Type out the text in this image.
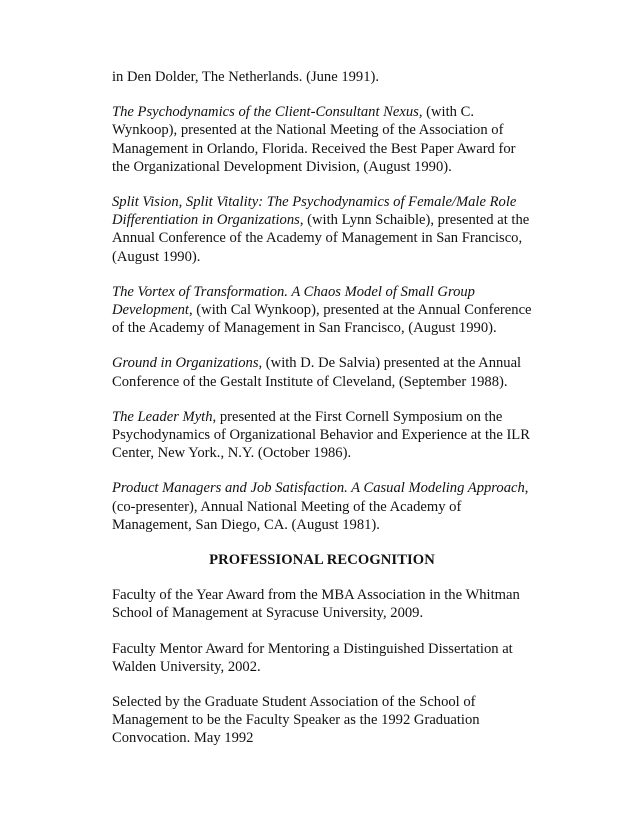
in Den Dolder, The Netherlands. (June 1991).

The Psychodynamics of the Client-Consultant Nexus, (with C. Wynkoop), presented at the National Meeting of the Association of Management in Orlando, Florida. Received the Best Paper Award for the Organizational Development Division, (August 1990).

Split Vision, Split Vitality: The Psychodynamics of Female/Male Role Differentiation in Organizations, (with Lynn Schaible), presented at the Annual Conference of the Academy of Management in San Francisco, (August 1990).

The Vortex of Transformation. A Chaos Model of Small Group Development, (with Cal Wynkoop), presented at the Annual Conference of the Academy of Management in San Francisco, (August 1990).

Ground in Organizations, (with D. De Salvia) presented at the Annual Conference of the Gestalt Institute of Cleveland, (September 1988).

The Leader Myth, presented at the First Cornell Symposium on the Psychodynamics of Organizational Behavior and Experience at the ILR Center, New York., N.Y. (October 1986).

Product Managers and Job Satisfaction. A Casual Modeling Approach, (co-presenter), Annual National Meeting of the Academy of Management, San Diego, CA. (August 1981).

PROFESSIONAL RECOGNITION

Faculty of the Year Award from the MBA Association in the Whitman School of Management at Syracuse University, 2009.

Faculty Mentor Award for Mentoring a Distinguished Dissertation at Walden University, 2002.

Selected by the Graduate Student Association of the School of Management to be the Faculty Speaker as the 1992 Graduation Convocation. May 1992
